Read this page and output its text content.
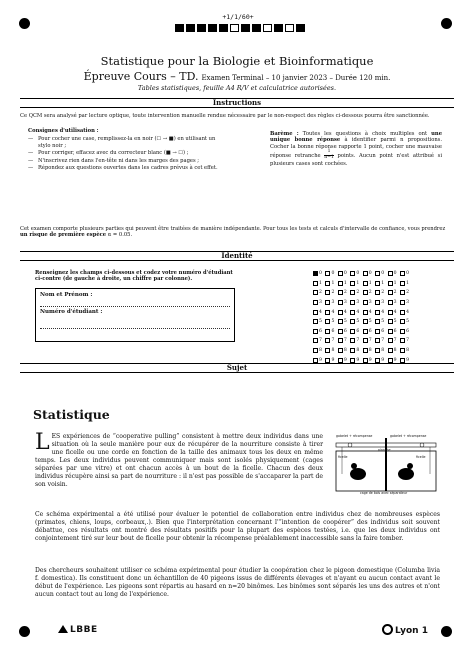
+1/1/60+
Statistique pour la Biologie et Bioinformatique
Épreuve Cours – TD. Examen Terminal – 10 janvier 2023 – Durée 120 min.
Tables statistiques, feuille A4 R/V et calculatrice autorisées.
Instructions
Ce QCM sera analysé par lecture optique, toute intervention manuelle rendue nécessaire par le non-respect des règles ci-dessous pourra être sanctionnée.
Consignes d'utilisation :
— Pour cocher une case, remplissez-la en noir (☐ → ■) en utilisant un stylo noir ;
— Pour corriger, effacez avec du correcteur blanc (■ → ☐) ;
— N'inscrivez rien dans l'en-tête ni dans les marges des pages ;
— Répondez aux questions ouvertes dans les cadres prévus à cet effet.
Barème : Toutes les questions à choix multiples ont une unique bonne réponse à identifier parmi n propositions. Cocher la bonne réponse rapporte 1 point, cocher une mauvaise réponse retranche $\frac{1}{n-1}$ points. Aucun point n'est attribué si plusieurs cases sont cochées.
Cet examen comporte plusieurs parties qui peuvent être traitées de manière indépendante. Pour tous les tests et calculs d'intervalle de confiance, vous prendrez un risque de première espèce α = 0.05.
Identité
Renseignez les champs ci-dessous et codez votre numéro d'étudiant ci-contre (de gauche à droite, un chiffre par colonne).
Nom et Prénom :
Numéro d'étudiant :
0 0 0 0 0 0 0 0
1 1 1 1 1 1 1 1
2 2 2 2 2 2 2 2
3 3 3 3 3 3 3 3
4 4 4 4 4 4 4 4
5 5 5 5 5 5 5 5
6 6 6 6 6 6 6 6
7 7 7 7 7 7 7 7
8 8 8 8 8 8 8 8
9 9 9 9 9 9 9 9
Sujet
Statistique
L ES expériences de “cooperative pulling” consistent à mettre deux individus dans une situation où la seule manière pour eux de récupérer de la nourriture consiste à tirer une ficelle ou une corde en fonction de la taille des animaux tous les deux en même temps. Les deux individus peuvent communiquer mais sont isolés physiquement (cages séparées par une vitre) et ont chacun accès à un bout de la ficelle. Chacun des deux individus récupère ainsi sa part de nourriture : il n'est pas possible de s'accaparer la part de son voisin.
gobelet + récompense	gobelet + récompense
planche
ficelle	ficelle
cage de bois avec séparateur
Ce schéma expérimental a été utilisé pour évaluer le potentiel de collaboration entre individus chez de nombreuses espèces (primates, chiens, loups, corbeaux,.). Bien que l'interprétation concernant l'“intention de coopérer” des individus soit souvent débattue, ces résultats ont montré des résultats positifs pour la plupart des espèces testées, i.e. que les deux individus ont conjointement tiré sur leur bout de ficelle pour obtenir la récompense préalablement inaccessible sans la faire tomber.
Des chercheurs souhaitent utiliser ce schéma expérimental pour étudier la coopération chez le pigeon domestique (Columba livia f. domestica). Ils constituent donc un échantillon de 40 pigeons issus de différents élevages et n'ayant eu aucun contact avant le début de l'expérience. Les pigeons sont répartis au hasard en n=20 binômes. Les binômes sont séparés les uns des autres et n'ont aucun contact tout au long de l'expérience.
LBBE	Lyon 1
